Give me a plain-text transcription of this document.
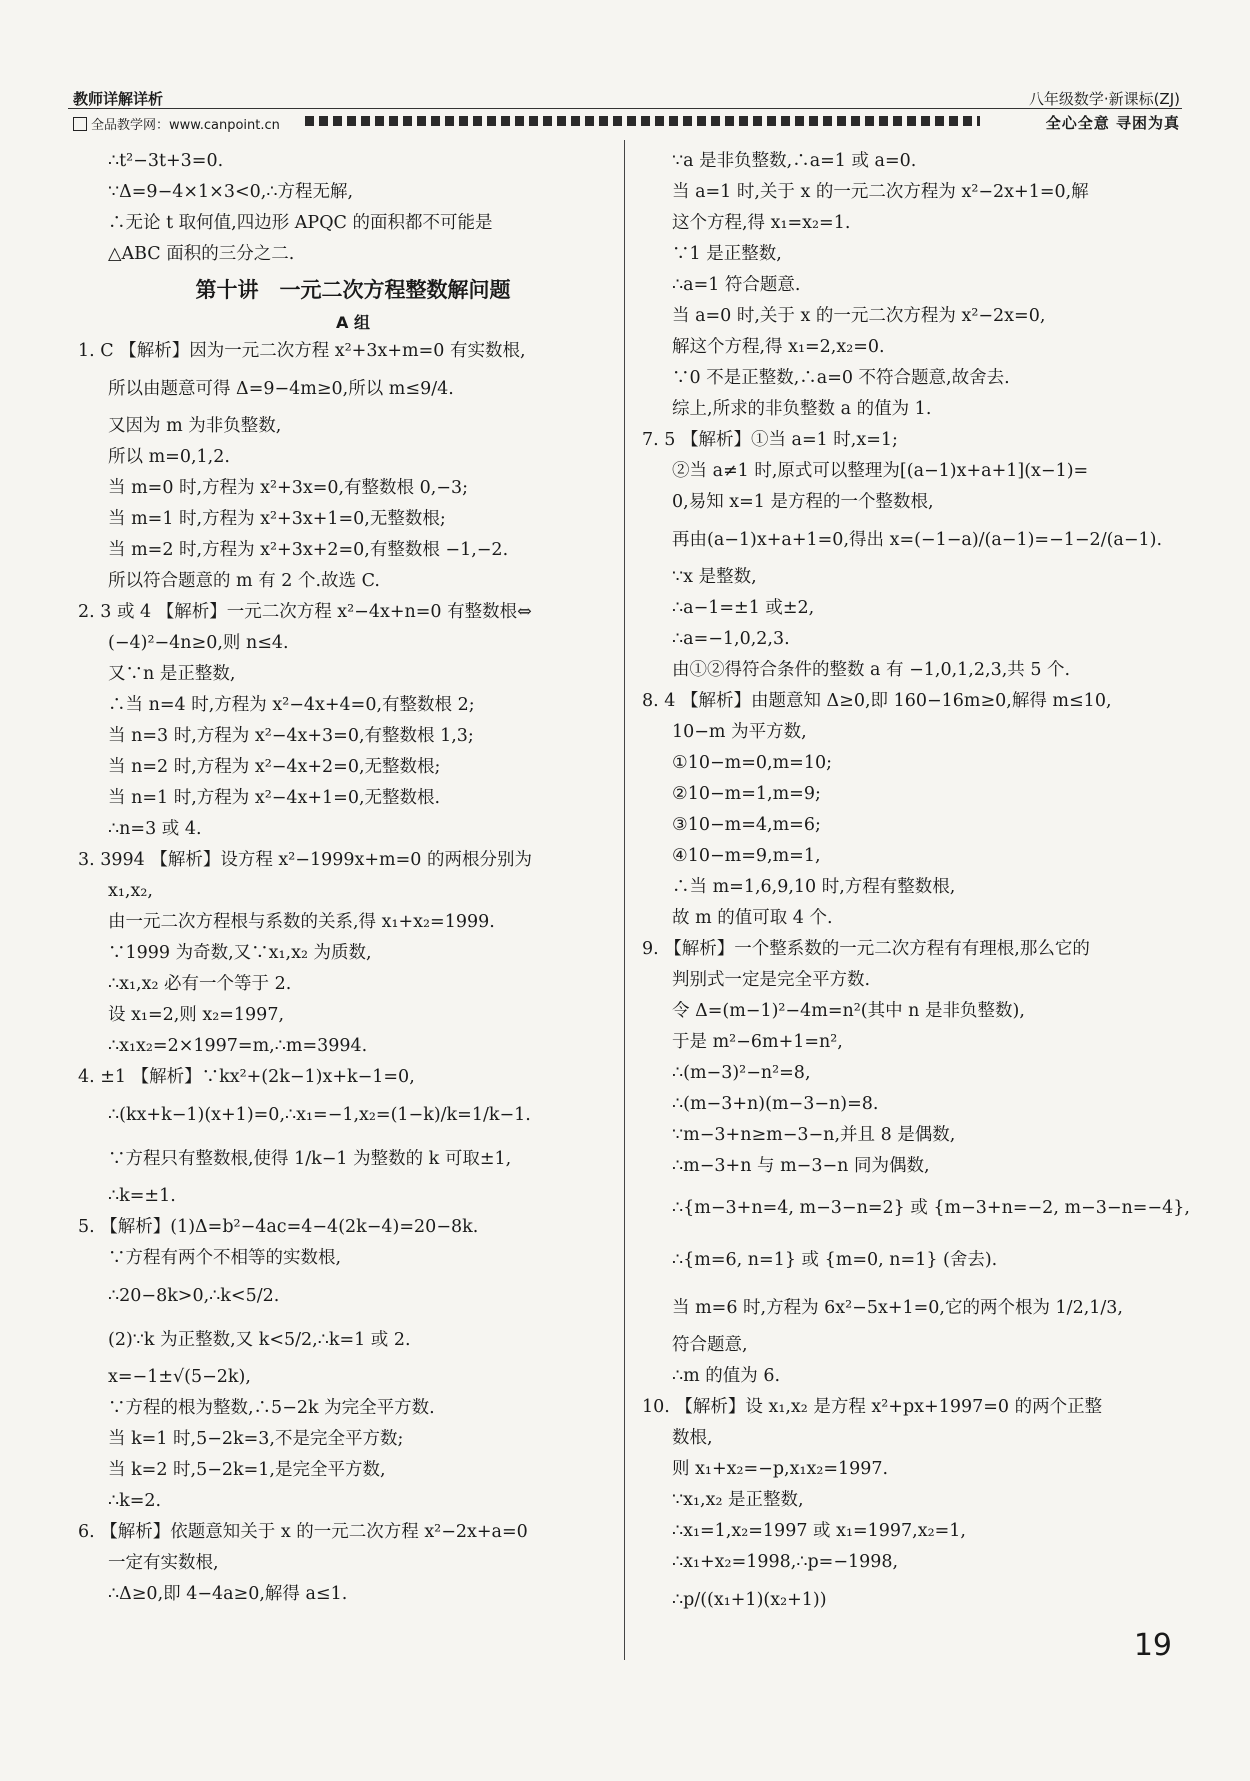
教师详解详析
全品教学网：www.canpoint.cn
八年级数学·新课标(ZJ)
全心全意 寻困为真
∴t²−3t+3=0.
∵Δ=9−4×1×3<0,∴方程无解,
∴无论 t 取何值,四边形 APQC 的面积都不可能是
△ABC 面积的三分之二.
第十讲　一元二次方程整数解问题
A 组
1. C 【解析】因为一元二次方程 x²+3x+m=0 有实数根,
所以由题意可得 Δ=9−4m≥0,所以 m≤9/4.
又因为 m 为非负整数,
所以 m=0,1,2.
当 m=0 时,方程为 x²+3x=0,有整数根 0,−3;
当 m=1 时,方程为 x²+3x+1=0,无整数根;
当 m=2 时,方程为 x²+3x+2=0,有整数根 −1,−2.
所以符合题意的 m 有 2 个.故选 C.
2. 3 或 4 【解析】一元二次方程 x²−4x+n=0 有整数根⇔
(−4)²−4n≥0,则 n≤4.
又∵n 是正整数,
∴当 n=4 时,方程为 x²−4x+4=0,有整数根 2;
当 n=3 时,方程为 x²−4x+3=0,有整数根 1,3;
当 n=2 时,方程为 x²−4x+2=0,无整数根;
当 n=1 时,方程为 x²−4x+1=0,无整数根.
∴n=3 或 4.
3. 3994 【解析】设方程 x²−1999x+m=0 的两根分别为
x₁,x₂,
由一元二次方程根与系数的关系,得 x₁+x₂=1999.
∵1999 为奇数,又∵x₁,x₂ 为质数,
∴x₁,x₂ 必有一个等于 2.
设 x₁=2,则 x₂=1997,
∴x₁x₂=2×1997=m,∴m=3994.
4. ±1 【解析】∵kx²+(2k−1)x+k−1=0,
∴(kx+k−1)(x+1)=0,∴x₁=−1,x₂=(1−k)/k=1/k−1.
∵方程只有整数根,使得 1/k−1 为整数的 k 可取±1,
∴k=±1.
5. 【解析】(1)Δ=b²−4ac=4−4(2k−4)=20−8k.
∵方程有两个不相等的实数根,
∴20−8k>0,∴k<5/2.
(2)∵k 为正整数,又 k<5/2,∴k=1 或 2.
x=−1±√(5−2k),
∵方程的根为整数,∴5−2k 为完全平方数.
当 k=1 时,5−2k=3,不是完全平方数;
当 k=2 时,5−2k=1,是完全平方数,
∴k=2.
6. 【解析】依题意知关于 x 的一元二次方程 x²−2x+a=0
一定有实数根,
∴Δ≥0,即 4−4a≥0,解得 a≤1.
∵a 是非负整数,∴a=1 或 a=0.
当 a=1 时,关于 x 的一元二次方程为 x²−2x+1=0,解
这个方程,得 x₁=x₂=1.
∵1 是正整数,
∴a=1 符合题意.
当 a=0 时,关于 x 的一元二次方程为 x²−2x=0,
解这个方程,得 x₁=2,x₂=0.
∵0 不是正整数,∴a=0 不符合题意,故舍去.
综上,所求的非负整数 a 的值为 1.
7. 5 【解析】①当 a=1 时,x=1;
②当 a≠1 时,原式可以整理为[(a−1)x+a+1](x−1)=
0,易知 x=1 是方程的一个整数根,
再由(a−1)x+a+1=0,得出 x=(−1−a)/(a−1)=−1−2/(a−1).
∵x 是整数,
∴a−1=±1 或±2,
∴a=−1,0,2,3.
由①②得符合条件的整数 a 有 −1,0,1,2,3,共 5 个.
8. 4 【解析】由题意知 Δ≥0,即 160−16m≥0,解得 m≤10,
10−m 为平方数,
①10−m=0,m=10;
②10−m=1,m=9;
③10−m=4,m=6;
④10−m=9,m=1,
∴当 m=1,6,9,10 时,方程有整数根,
故 m 的值可取 4 个.
9. 【解析】一个整系数的一元二次方程有有理根,那么它的
判别式一定是完全平方数.
令 Δ=(m−1)²−4m=n²(其中 n 是非负整数),
于是 m²−6m+1=n²,
∴(m−3)²−n²=8,
∴(m−3+n)(m−3−n)=8.
∵m−3+n≥m−3−n,并且 8 是偶数,
∴m−3+n 与 m−3−n 同为偶数,
∴{m−3+n=4, m−3−n=2} 或 {m−3+n=−2, m−3−n=−4},
∴{m=6, n=1} 或 {m=0, n=1} (舍去).
当 m=6 时,方程为 6x²−5x+1=0,它的两个根为 1/2,1/3,
符合题意,
∴m 的值为 6.
10. 【解析】设 x₁,x₂ 是方程 x²+px+1997=0 的两个正整
数根,
则 x₁+x₂=−p,x₁x₂=1997.
∵x₁,x₂ 是正整数,
∴x₁=1,x₂=1997 或 x₁=1997,x₂=1,
∴x₁+x₂=1998,∴p=−1998,
∴p/((x₁+1)(x₂+1))
19
